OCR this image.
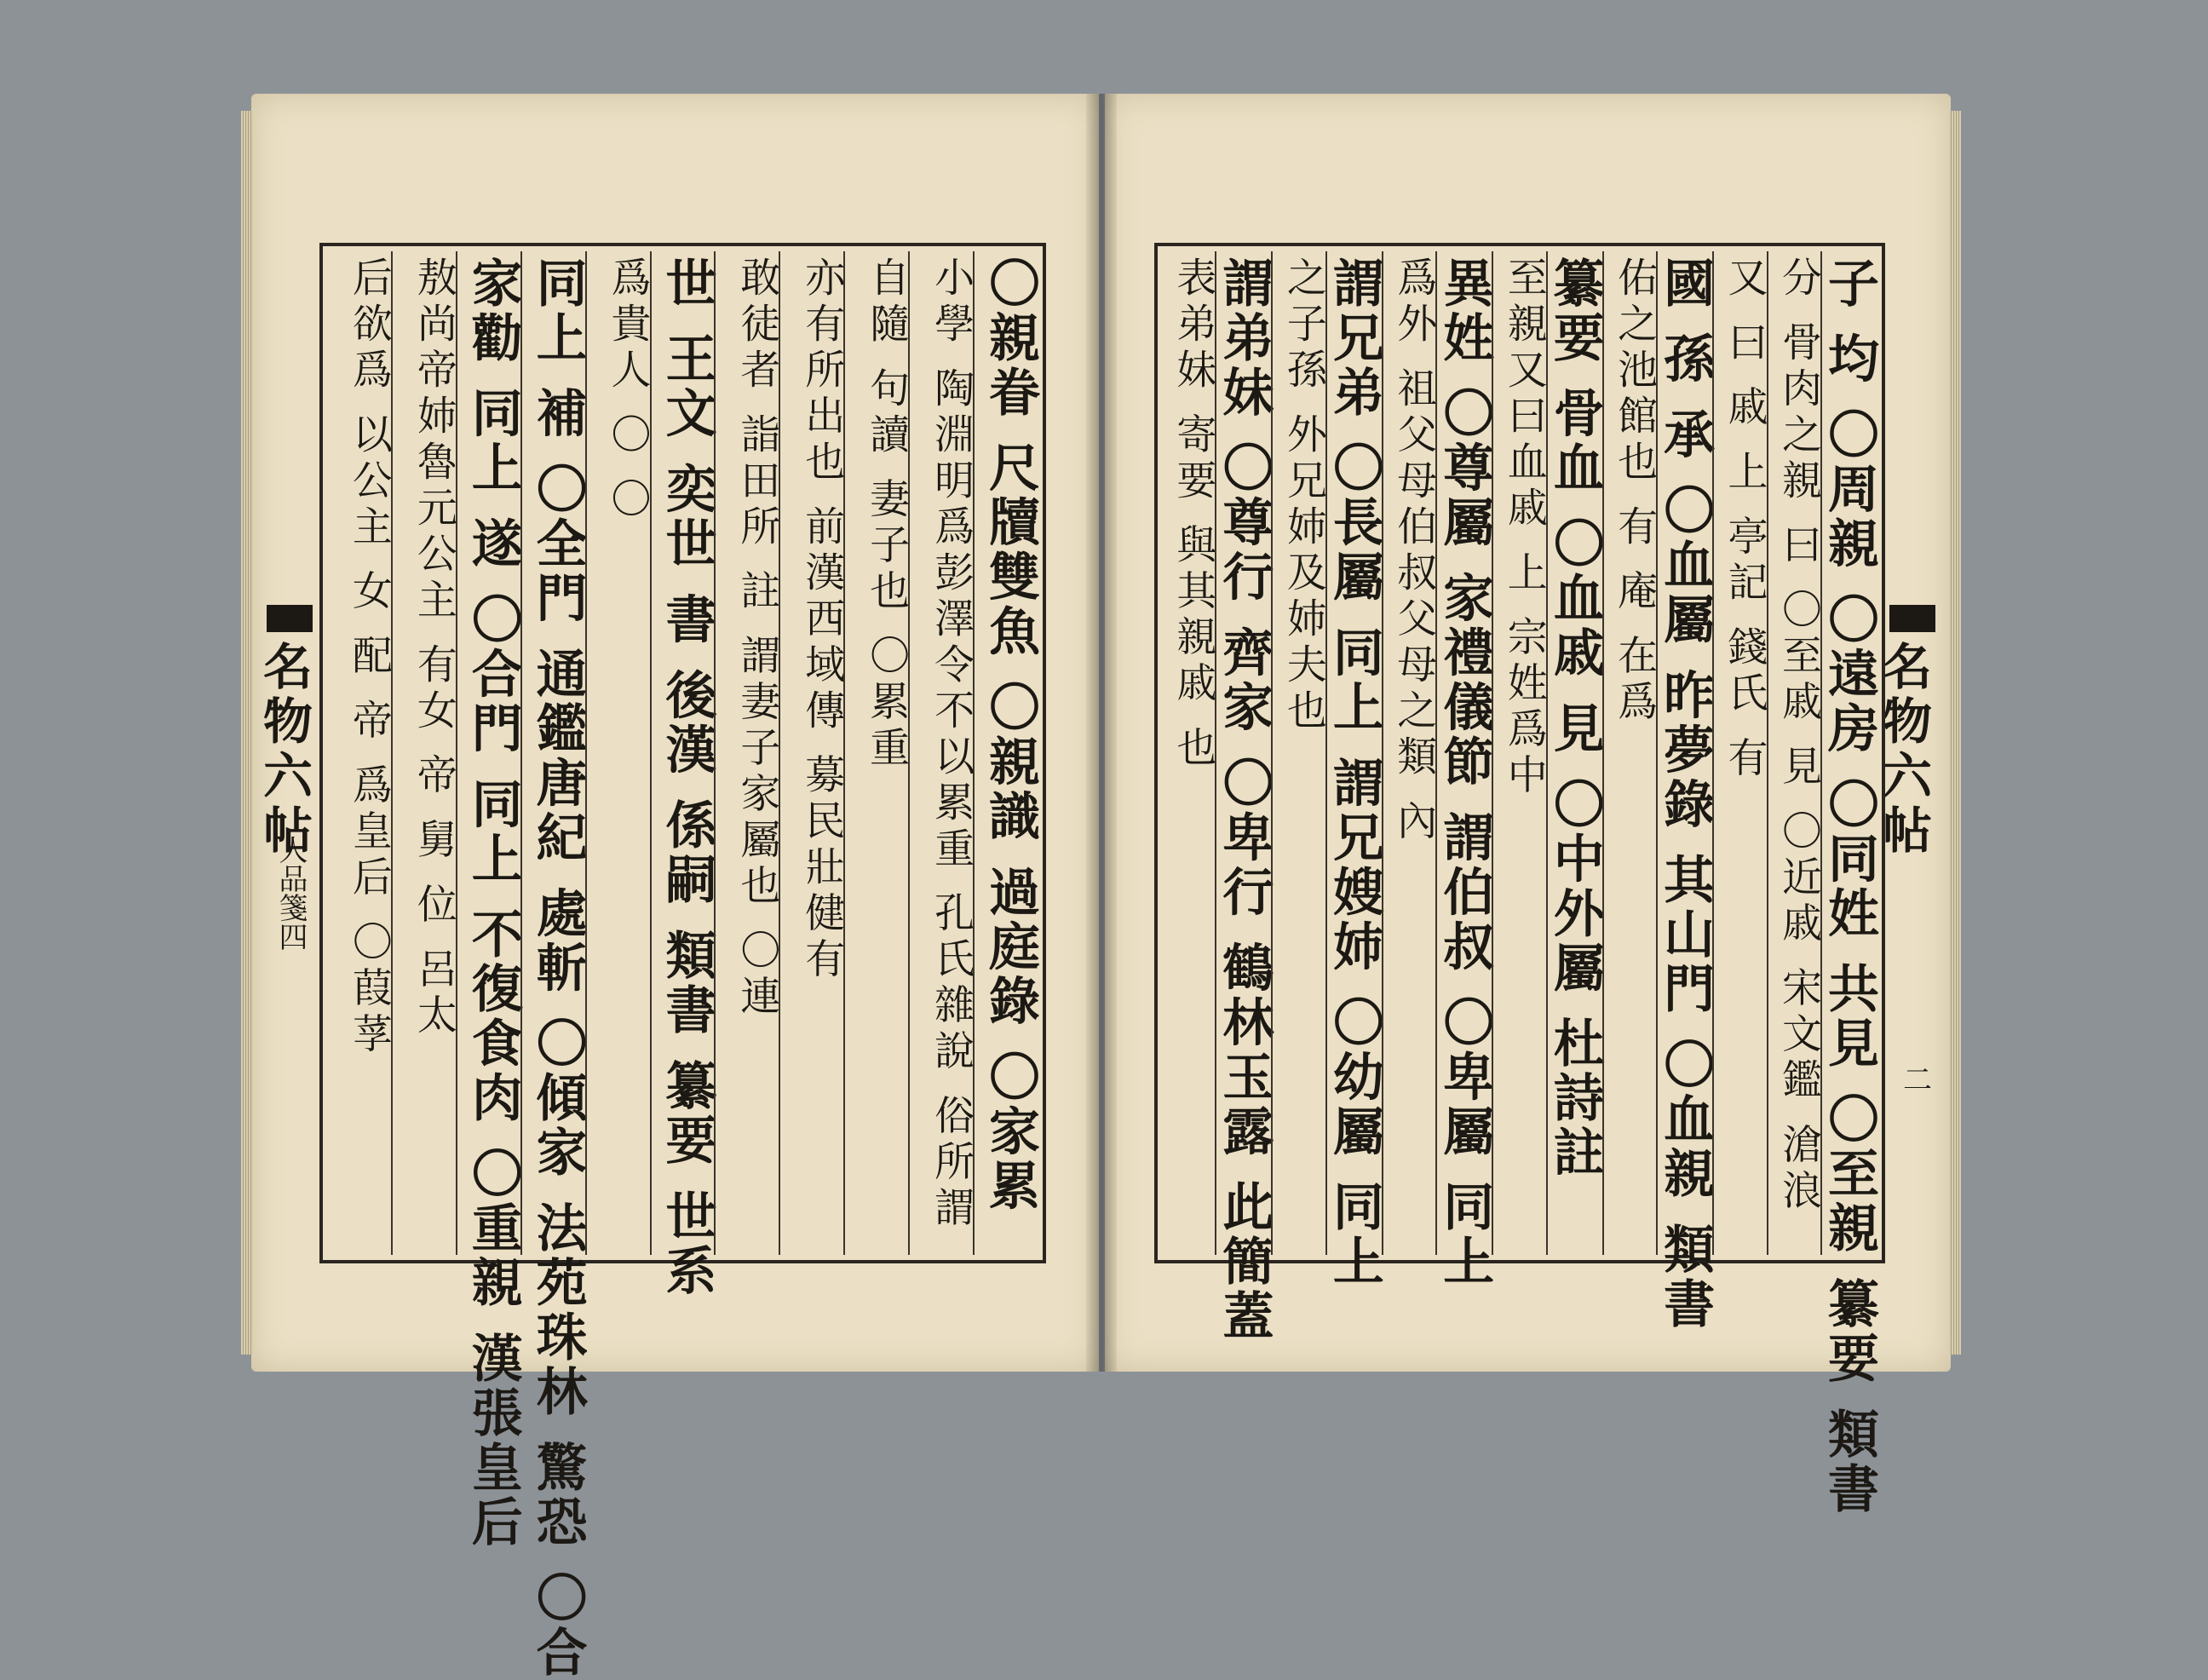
名物六帖	〇親眷 尺牘雙魚 〇親識 過庭錄 〇家累
小學 陶淵明爲彭澤令不以累重 孔氏雜說 俗所謂
自隨 句讀 妻子也 〇累重
亦有所出也 前漢西域傳 募民壯健有
敢徒者 詣田所 註 謂妻子家屬也 〇連
世 王文 奕世 書 後漢 係嗣 類書 纂要 世系
爲貴人 〇 〇
同上 補 〇全門 通鑑唐紀 處斬 〇傾家 法苑珠林 驚恐 〇合
家勸 同上 遂 〇合門 同上 不復食肉 〇重親 漢張皇后
敖尚帝姉魯元公主 有女 帝 舅 位 呂太
后欲爲 以公主 女 配 帝 爲皇后 〇葭莩
人品箋四
名物六帖
子 均 〇周親 〇遠房 〇同姓 共見 〇至親 纂要 類書
分 骨肉之親 曰 〇至戚 見 〇近戚 宋文鑑 滄浪
又 曰 戚 上 亭記 錢氏 有
國 孫 承 〇血屬 昨夢錄 其山門 〇血親 類書
佑之池館也 有 庵 在爲
纂要 骨血 〇血戚 見 〇中外屬 杜詩註
至親又曰血戚 上 宗姓爲中
異姓 〇尊屬 家禮儀節 謂伯叔 〇卑屬 同上
爲外 祖父母伯叔父母之類 內
謂兄弟 〇長屬 同上 謂兄嫂姉 〇幼屬 同上
之子孫 外兄姉及姉夫也
謂弟妹 〇尊行 齊家 〇卑行 鶴林玉露 此簡蓋
表弟妹 寄要 與其親戚 也
二
